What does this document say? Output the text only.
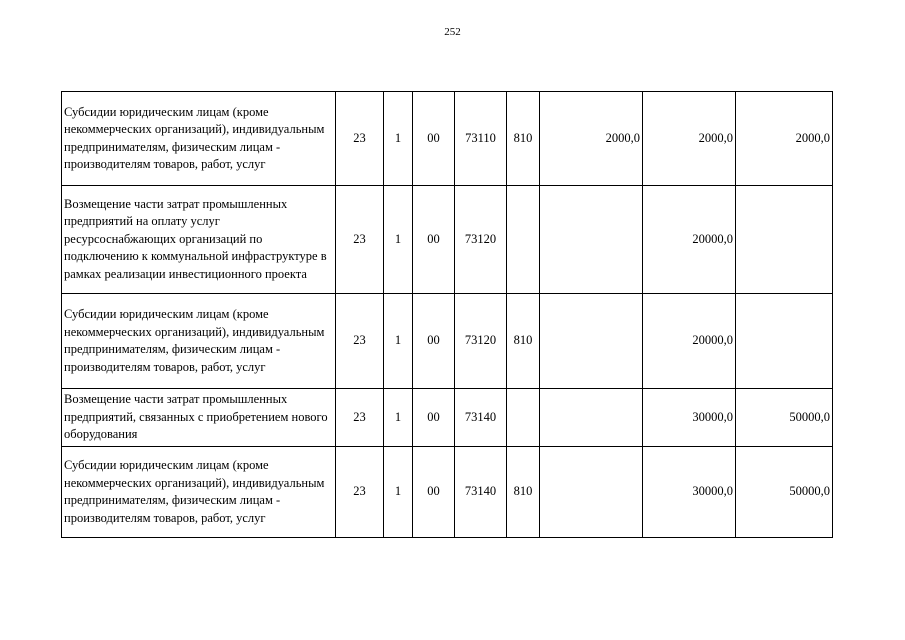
252
Субсидии юридическим лицам (кроме некоммерческих организаций), индивидуальным предпринимателям, физическим лицам - производителям товаров, работ, услуг	23	1	00	73110	810	2000,0	2000,0	2000,0
Возмещение части затрат промышленных предприятий на оплату услуг ресурсоснабжающих организаций по подключению к коммунальной инфраструктуре в рамках реализации инвестиционного проекта	23	1	00	73120			20000,0	
Субсидии юридическим лицам (кроме некоммерческих организаций), индивидуальным предпринимателям, физическим лицам - производителям товаров, работ, услуг	23	1	00	73120	810		20000,0	
Возмещение части затрат промышленных предприятий, связанных с приобретением нового оборудования	23	1	00	73140			30000,0	50000,0
Субсидии юридическим лицам (кроме некоммерческих организаций), индивидуальным предпринимателям, физическим лицам - производителям товаров, работ, услуг	23	1	00	73140	810		30000,0	50000,0
